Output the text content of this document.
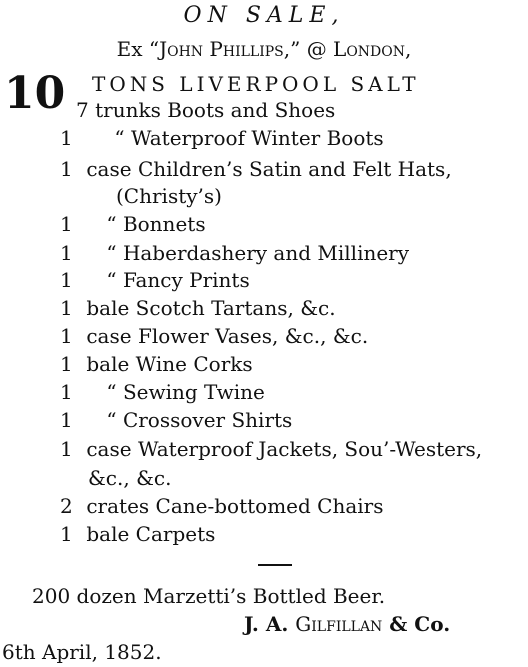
ON SALE,
Ex “John Phillips,” @ London,
10 TONS LIVERPOOL SALT
7 trunks Boots and Shoes
1 “ Waterproof Winter Boots
1 case Children’s Satin and Felt Hats,
(Christy’s)
1 “ Bonnets
1 “ Haberdashery and Millinery
1 “ Fancy Prints
1 bale Scotch Tartans, &c.
1 case Flower Vases, &c., &c.
1 bale Wine Corks
1 “ Sewing Twine
1 “ Crossover Shirts
1 case Waterproof Jackets, Sou’-Westers,
&c., &c.
2 crates Cane-bottomed Chairs
1 bale Carpets
200 dozen Marzetti’s Bottled Beer.
J. A. Gilfillan & Co.
6th April, 1852.
